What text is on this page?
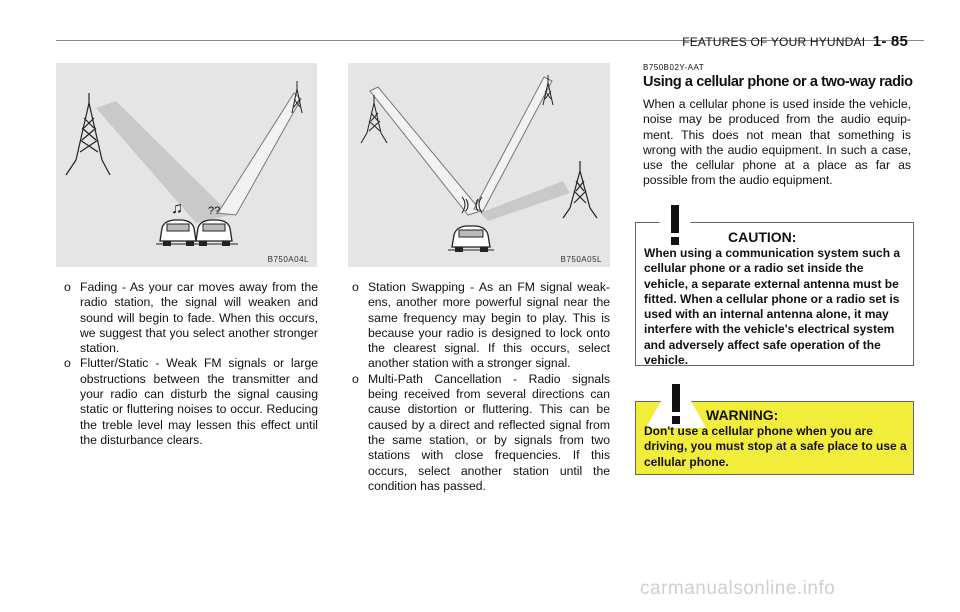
FEATURES OF YOUR HYUNDAI 1- 85
♫ ??
B750A04L	B750A05L

o Fading - As your car moves away from the radio station, the signal will weaken and sound will begin to fade. When this occurs, we suggest that you select another stronger station.

o Flutter/Static - Weak FM signals or large obstructions between the transmitter and your radio can disturb the signal causing static or fluttering noises to occur. Reducing the treble level may lessen this effect until the disturbance clears.

o Station Swapping - As an FM signal weak-ens, another more powerful signal near the same frequency may begin to play. This is because your radio is designed to lock onto the clearest signal. If this occurs, select another station with a stronger signal.

o Multi-Path Cancellation - Radio signals being received from several directions can cause distortion or fluttering. This can be caused by a direct and reflected signal from the same station, or by signals from two stations with close frequencies. If this occurs, select another station until the condition has passed.

B750B02Y-AAT
Using a cellular phone or a two-way radio
When a cellular phone is used inside the vehicle, noise may be produced from the audio equip-ment. This does not mean that something is wrong with the audio equipment. In such a case, use the cellular phone at a place as far as possible from the audio equipment.
CAUTION:
When using a communication system such a cellular phone or a radio set inside the vehicle, a separate external antenna must be fitted. When a cellular phone or a radio set is used with an internal antenna alone, it may interfere with the vehicle's electrical system and adversely affect safe operation of the vehicle.
WARNING:
Don't use a cellular phone when you are driving, you must stop at a safe place to use a cellular phone.
carmanualsonline.info
